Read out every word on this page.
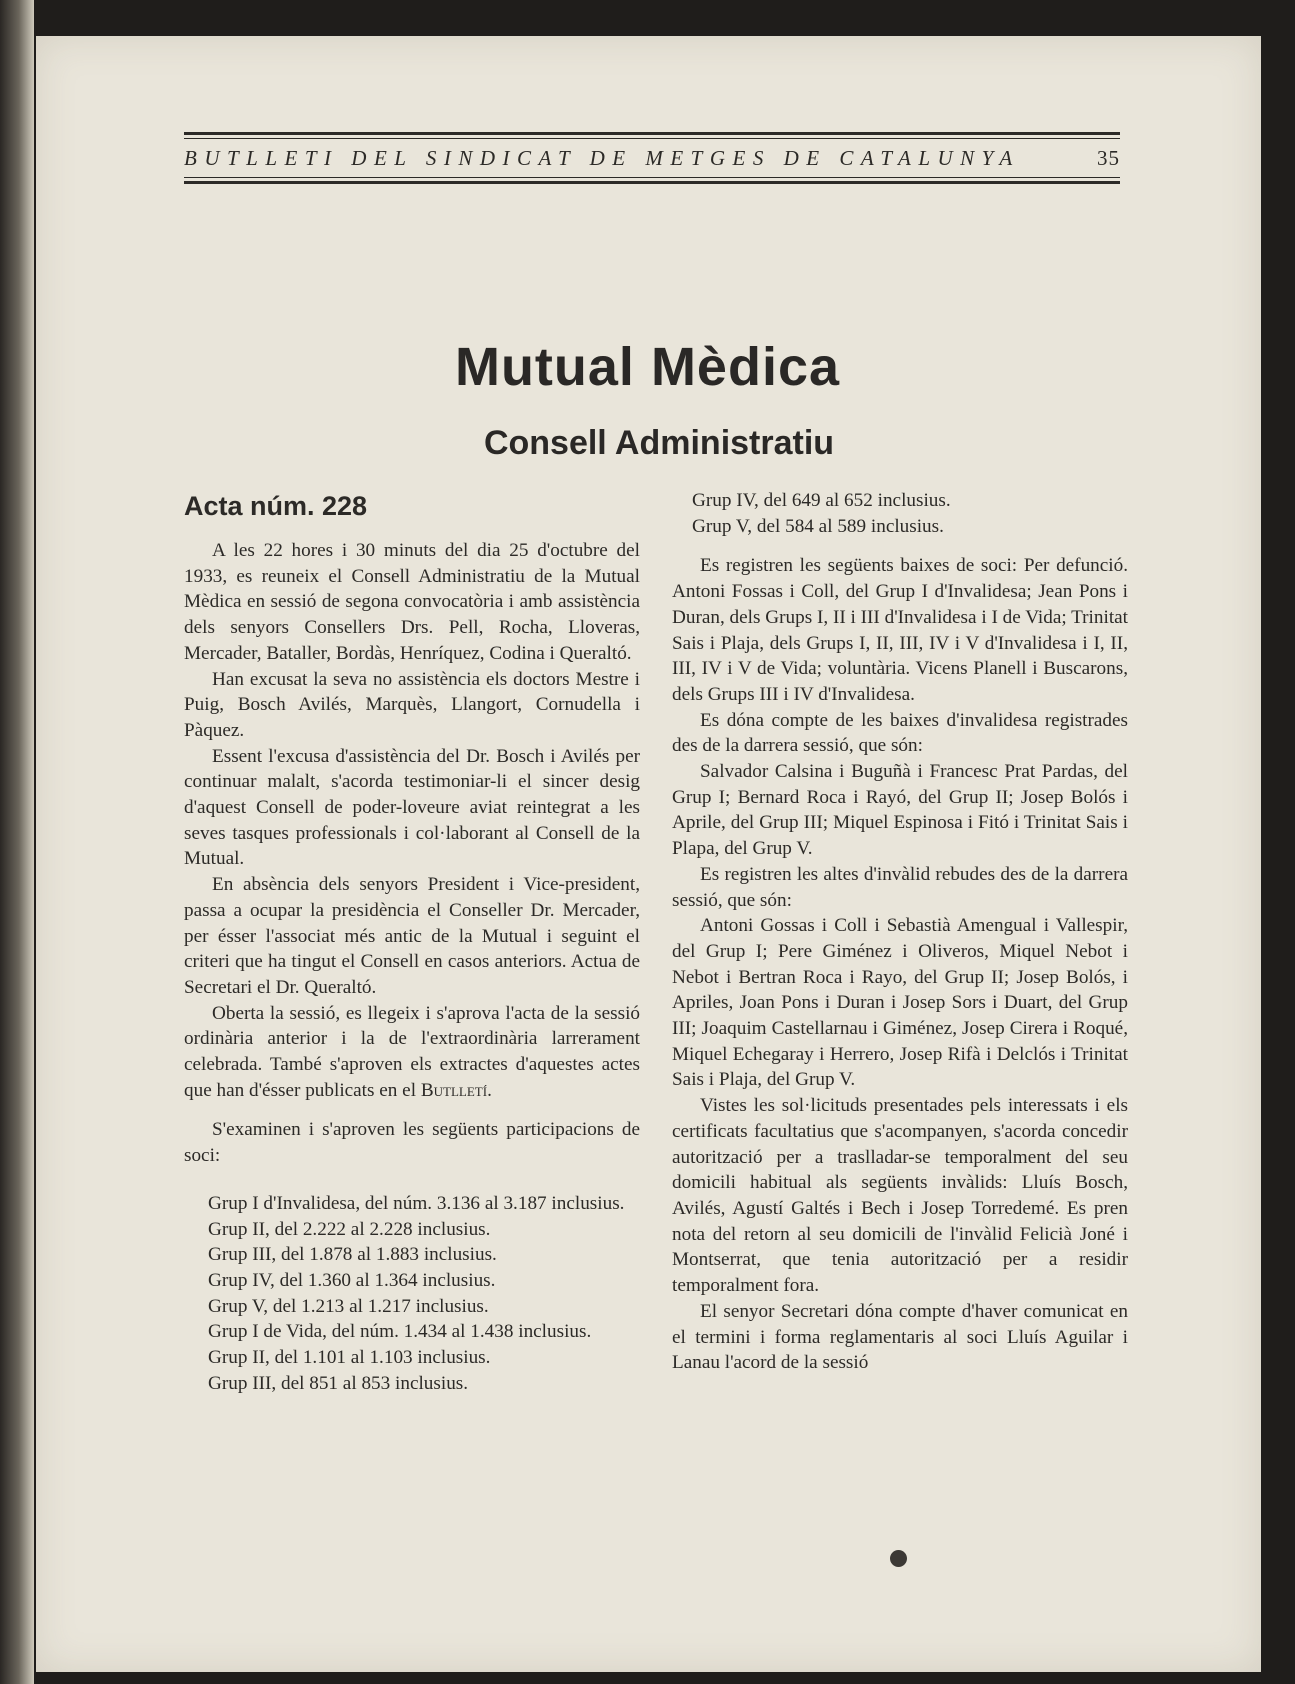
BUTLLETI DEL SINDICAT DE METGES DE CATALUNYA	35
Mutual Mèdica
Consell Administratiu
Acta núm. 228

A les 22 hores i 30 minuts del dia 25 d'octubre del 1933, es reuneix el Consell Administratiu de la Mutual Mèdica en sessió de segona convocatòria i amb assistència dels senyors Consellers Drs. Pell, Rocha, Lloveras, Mercader, Bataller, Bordàs, Henríquez, Codina i Queraltó.

Han excusat la seva no assistència els doctors Mestre i Puig, Bosch Avilés, Marquès, Llangort, Cornudella i Pàquez.

Essent l'excusa d'assistència del Dr. Bosch i Avilés per continuar malalt, s'acorda testimoniar-li el sincer desig d'aquest Consell de poder-loveure aviat reintegrat a les seves tasques professionals i col·laborant al Consell de la Mutual.

En absència dels senyors President i Vice-president, passa a ocupar la presidència el Conseller Dr. Mercader, per ésser l'associat més antic de la Mutual i seguint el criteri que ha tingut el Consell en casos anteriors. Actua de Secretari el Dr. Queraltó.

Oberta la sessió, es llegeix i s'aprova l'acta de la sessió ordinària anterior i la de l'extraordinària larrerament celebrada. També s'aproven els extractes d'aquestes actes que han d'ésser publicats en el Butlletí.

S'examinen i s'aproven les següents participacions de soci:

Grup I d'Invalidesa, del núm. 3.136 al 3.187 inclusius.
Grup II, del 2.222 al 2.228 inclusius.
Grup III, del 1.878 al 1.883 inclusius.
Grup IV, del 1.360 al 1.364 inclusius.
Grup V, del 1.213 al 1.217 inclusius.
Grup I de Vida, del núm. 1.434 al 1.438 inclusius.
Grup II, del 1.101 al 1.103 inclusius.
Grup III, del 851 al 853 inclusius.
Grup IV, del 649 al 652 inclusius.
Grup V, del 584 al 589 inclusius.

Es registren les següents baixes de soci: Per defunció. Antoni Fossas i Coll, del Grup I d'Invalidesa; Jean Pons i Duran, dels Grups I, II i III d'Invalidesa i I de Vida; Trinitat Sais i Plaja, dels Grups I, II, III, IV i V d'Invalidesa i I, II, III, IV i V de Vida; voluntària. Vicens Planell i Buscarons, dels Grups III i IV d'Invalidesa.

Es dóna compte de les baixes d'invalidesa registrades des de la darrera sessió, que són:

Salvador Calsina i Buguñà i Francesc Prat Pardas, del Grup I; Bernard Roca i Rayó, del Grup II; Josep Bolós i Aprile, del Grup III; Miquel Espinosa i Fitó i Trinitat Sais i Plapa, del Grup V.

Es registren les altes d'invàlid rebudes des de la darrera sessió, que són:

Antoni Gossas i Coll i Sebastià Amengual i Vallespir, del Grup I; Pere Giménez i Oliveros, Miquel Nebot i Nebot i Bertran Roca i Rayo, del Grup II; Josep Bolós, i Apriles, Joan Pons i Duran i Josep Sors i Duart, del Grup III; Joaquim Castellarnau i Giménez, Josep Cirera i Roqué, Miquel Echegaray i Herrero, Josep Rifà i Delclós i Trinitat Sais i Plaja, del Grup V.

Vistes les sol·licituds presentades pels interessats i els certificats facultatius que s'acompanyen, s'acorda concedir autorització per a traslladar-se temporalment del seu domicili habitual als següents invàlids: Lluís Bosch, Avilés, Agustí Galtés i Bech i Josep Torredemé. Es pren nota del retorn al seu domicili de l'invàlid Felicià Joné i Montserrat, que tenia autorització per a residir temporalment fora.

El senyor Secretari dóna compte d'haver comunicat en el termini i forma reglamentaris al soci Lluís Aguilar i Lanau l'acord de la sessió
